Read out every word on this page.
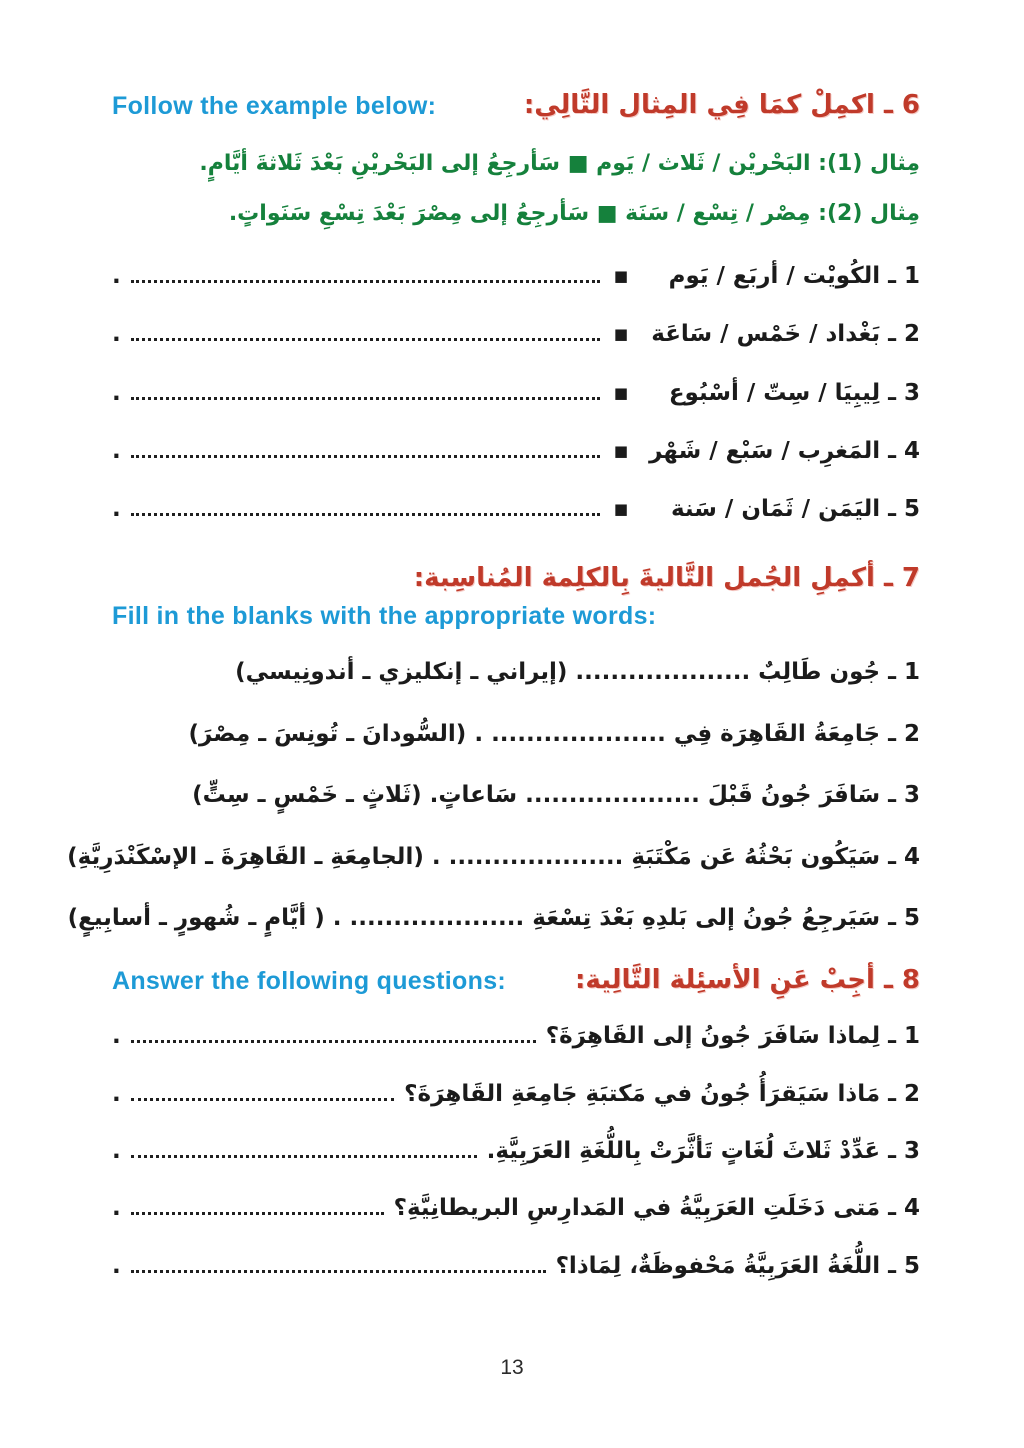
Follow the example below:	6 ـ اكمِلْ كمَا فِي المِثال التَّالِي:
مِثال (1): البَحْريْن / ثَلاث / يَوم ■ سَأرجِعُ إلى البَحْريْنِ بَعْدَ ثَلاثةَ أيَّامٍ.
مِثال (2): مِصْر / تِسْع / سَنَة ■ سَأرجِعُ إلى مِصْرَ بَعْدَ تِسْعِ سَنَواتٍ.
1 ـ الكُويْت / أربَع / يَوم
■
.
2 ـ بَغْداد / خَمْس / سَاعَة
■
.
3 ـ لِيبِيَا / سِتّ / أسْبُوع
■
.
4 ـ المَغرِب / سَبْع / شَهْر
■
.
5 ـ اليَمَن / ثَمَان / سَنة
■
.
7 ـ أكمِلِ الجُمل التَّاليةَ بِالكلِمة المُناسِبة:
Fill in the blanks with the appropriate words:
1 ـ جُون طَالِبٌ .................... (إيراني ـ إنكليزي ـ أندونِيسي)
2 ـ جَامِعَةُ القَاهِرَة فِي .................... . (السُّودانَ ـ تُونِسَ ـ مِصْرَ)
3 ـ سَافَرَ جُونُ قَبْلَ .................... سَاعاتٍ. (ثَلاثٍ ـ خَمْسٍ ـ سِتٍّ)
4 ـ سَيَكُون بَحْثُهُ عَن مَكْتَبَةِ .................... . (الجامِعَةِ ـ القَاهِرَةَ ـ الإسْكَنْدَرِيَّةِ)
5 ـ سَيَرجِعُ جُونُ إلى بَلدِهِ بَعْدَ تِسْعَةِ .................... . ( أيَّامٍ ـ شُهورٍ ـ أسابِيعٍ)
Answer the following questions:	8 ـ أجِبْ عَنِ الأسئِلة التَّالِية:
1 ـ لِماذا سَافَرَ جُونُ إلى القَاهِرَةَ؟
.
2 ـ مَاذا سَيَقرَأُ جُونُ في مَكتبَةِ جَامِعَةِ القَاهِرَةَ؟
.
3 ـ عَدِّدْ ثَلاثَ لُغَاتٍ تَأثَّرَتْ بِاللُّغَةِ العَرَبِيَّةِ.
.
4 ـ مَتى دَخَلَتِ العَرَبِيَّةُ في المَدارِسِ البريطانِيَّةِ؟
.
5 ـ اللُّغَةُ العَرَبِيَّةُ مَحْفوظَةٌ، لِمَاذا؟
.
13
